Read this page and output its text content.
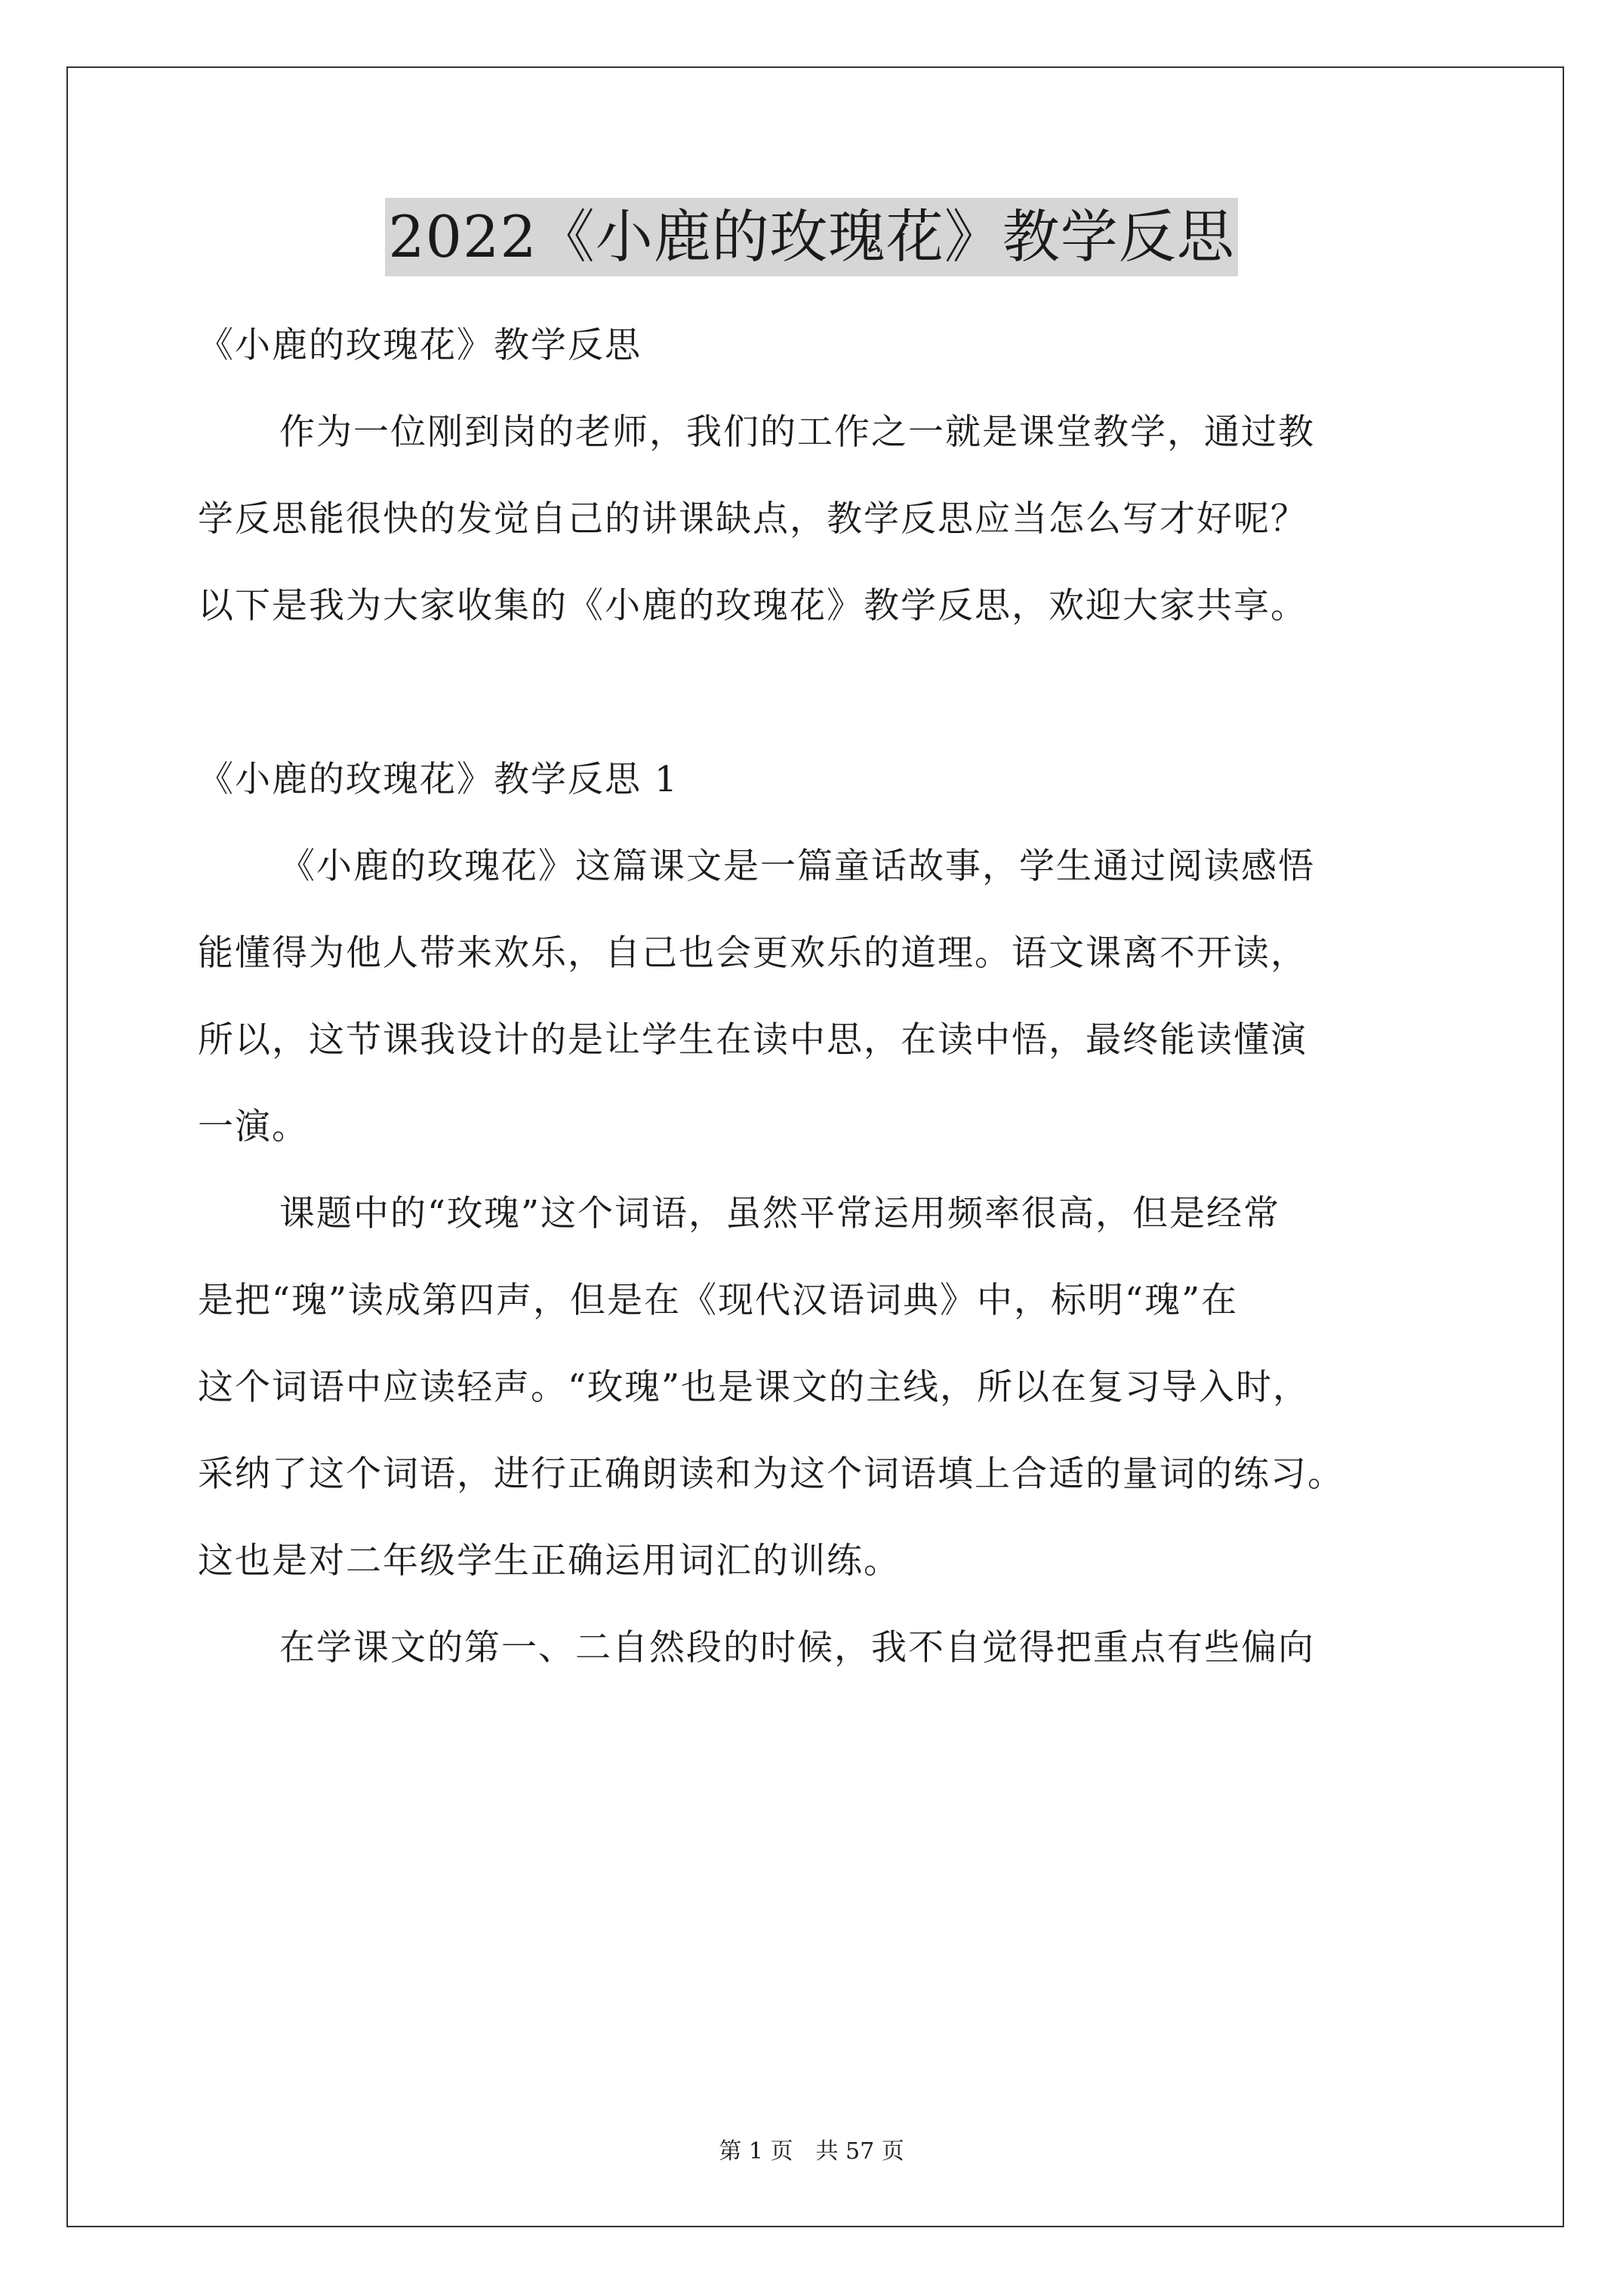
2022《小鹿的玫瑰花》教学反思
《小鹿的玫瑰花》教学反思
作为一位刚到岗的老师，我们的工作之一就是课堂教学，通过教
学反思能很快的发觉自己的讲课缺点，教学反思应当怎么写才好呢？
以下是我为大家收集的《小鹿的玫瑰花》教学反思，欢迎大家共享。
《小鹿的玫瑰花》教学反思 1
《小鹿的玫瑰花》这篇课文是一篇童话故事，学生通过阅读感悟
能懂得为他人带来欢乐，自己也会更欢乐的道理。语文课离不开读，
所以，这节课我设计的是让学生在读中思，在读中悟，最终能读懂演
一演。
课题中的“玫瑰”这个词语，虽然平常运用频率很高，但是经常
是把“瑰”读成第四声，但是在《现代汉语词典》中，标明“瑰”在
这个词语中应读轻声。“玫瑰”也是课文的主线，所以在复习导入时，
采纳了这个词语，进行正确朗读和为这个词语填上合适的量词的练习。
这也是对二年级学生正确运用词汇的训练。
在学课文的第一、二自然段的时候，我不自觉得把重点有些偏向
第 1 页　共 57 页
